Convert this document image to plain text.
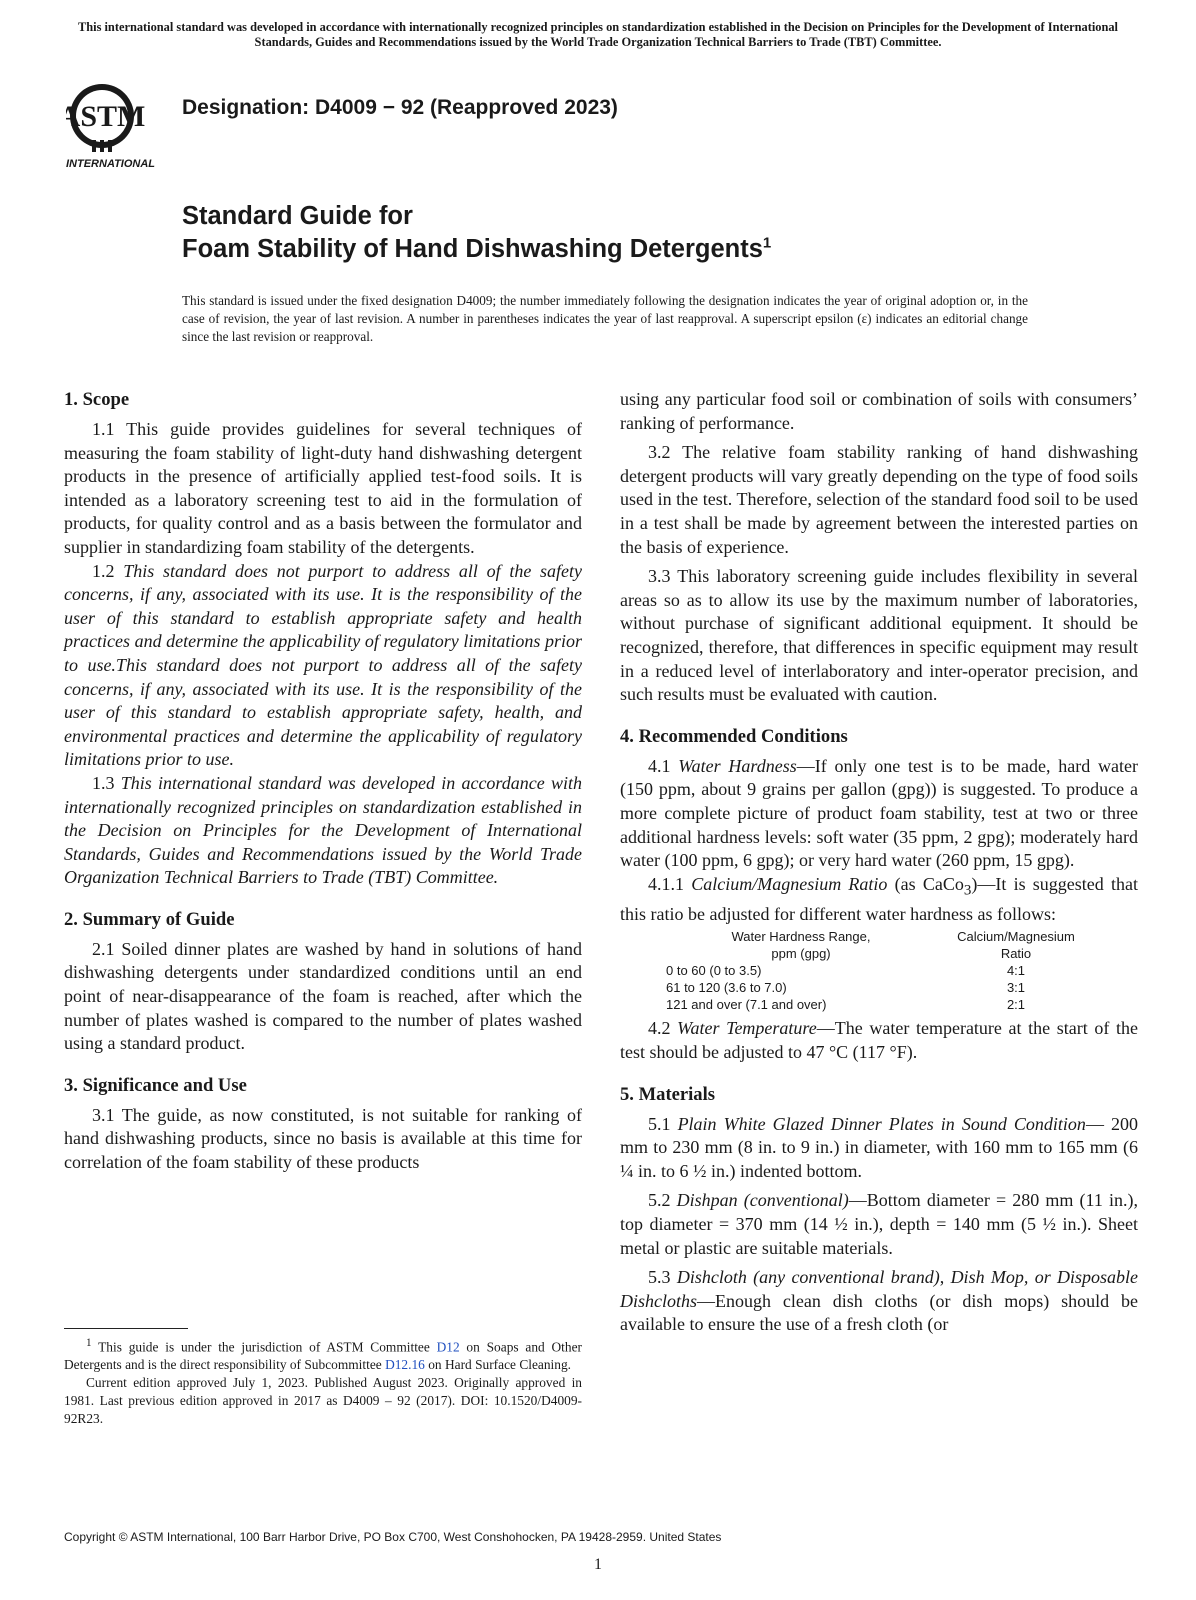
This international standard was developed in accordance with internationally recognized principles on standardization established in the Decision on Principles for the Development of International Standards, Guides and Recommendations issued by the World Trade Organization Technical Barriers to Trade (TBT) Committee.
ASTM
INTERNATIONAL
Designation: D4009 − 92 (Reapproved 2023)
Standard Guide for
Foam Stability of Hand Dishwashing Detergents$^1$
This standard is issued under the fixed designation D4009; the number immediately following the designation indicates the year of original adoption or, in the case of revision, the year of last revision. A number in parentheses indicates the year of last reapproval. A superscript epsilon (ε) indicates an editorial change since the last revision or reapproval.
1. Scope

1.1 This guide provides guidelines for several techniques of measuring the foam stability of light-duty hand dishwashing detergent products in the presence of artificially applied test-food soils. It is intended as a laboratory screening test to aid in the formulation of products, for quality control and as a basis between the formulator and supplier in standardizing foam stability of the detergents.

1.2 This standard does not purport to address all of the safety concerns, if any, associated with its use. It is the responsibility of the user of this standard to establish appropriate safety and health practices and determine the applicability of regulatory limitations prior to use.This standard does not purport to address all of the safety concerns, if any, associated with its use. It is the responsibility of the user of this standard to establish appropriate safety, health, and environmental practices and determine the applicability of regulatory limitations prior to use.

1.3 This international standard was developed in accordance with internationally recognized principles on standardization established in the Decision on Principles for the Development of International Standards, Guides and Recommendations issued by the World Trade Organization Technical Barriers to Trade (TBT) Committee.

2. Summary of Guide

2.1 Soiled dinner plates are washed by hand in solutions of hand dishwashing detergents under standardized conditions until an end point of near-disappearance of the foam is reached, after which the number of plates washed is compared to the number of plates washed using a standard product.

3. Significance and Use

3.1 The guide, as now constituted, is not suitable for ranking of hand dishwashing products, since no basis is available at this time for correlation of the foam stability of these products

using any particular food soil or combination of soils with consumers’ ranking of performance.

3.2 The relative foam stability ranking of hand dishwashing detergent products will vary greatly depending on the type of food soils used in the test. Therefore, selection of the standard food soil to be used in a test shall be made by agreement between the interested parties on the basis of experience.

3.3 This laboratory screening guide includes flexibility in several areas so as to allow its use by the maximum number of laboratories, without purchase of significant additional equipment. It should be recognized, therefore, that differences in specific equipment may result in a reduced level of interlaboratory and inter-operator precision, and such results must be evaluated with caution.

4. Recommended Conditions

4.1 Water Hardness—If only one test is to be made, hard water (150 ppm, about 9 grains per gallon (gpg)) is suggested. To produce a more complete picture of product foam stability, test at two or three additional hardness levels: soft water (35 ppm, 2 gpg); moderately hard water (100 ppm, 6 gpg); or very hard water (260 ppm, 15 gpg).

4.1.1 Calcium/Magnesium Ratio (as CaCo$_3$)—It is suggested that this ratio be adjusted for different water hardness as follows:

Water Hardness Range,	Calcium/Magnesium
ppm (gpg)	Ratio
0 to 60 (0 to 3.5)	4:1
61 to 120 (3.6 to 7.0)	3:1
121 and over (7.1 and over)	2:1

4.2 Water Temperature—The water temperature at the start of the test should be adjusted to 47 °C (117 °F).

5. Materials

5.1 Plain White Glazed Dinner Plates in Sound Condition— 200 mm to 230 mm (8 in. to 9 in.) in diameter, with 160 mm to 165 mm (6 ¼ in. to 6 ½ in.) indented bottom.

5.2 Dishpan (conventional)—Bottom diameter = 280 mm (11 in.), top diameter = 370 mm (14 ½ in.), depth = 140 mm (5 ½ in.). Sheet metal or plastic are suitable materials.

5.3 Dishcloth (any conventional brand), Dish Mop, or Disposable Dishcloths—Enough clean dish cloths (or dish mops) should be available to ensure the use of a fresh cloth (or

$^1$ This guide is under the jurisdiction of ASTM Committee D12 on Soaps and Other Detergents and is the direct responsibility of Subcommittee D12.16 on Hard Surface Cleaning.

Current edition approved July 1, 2023. Published August 2023. Originally approved in 1981. Last previous edition approved in 2017 as D4009 – 92 (2017). DOI: 10.1520/D4009-92R23.

Copyright © ASTM International, 100 Barr Harbor Drive, PO Box C700, West Conshohocken, PA 19428-2959. United States
1
